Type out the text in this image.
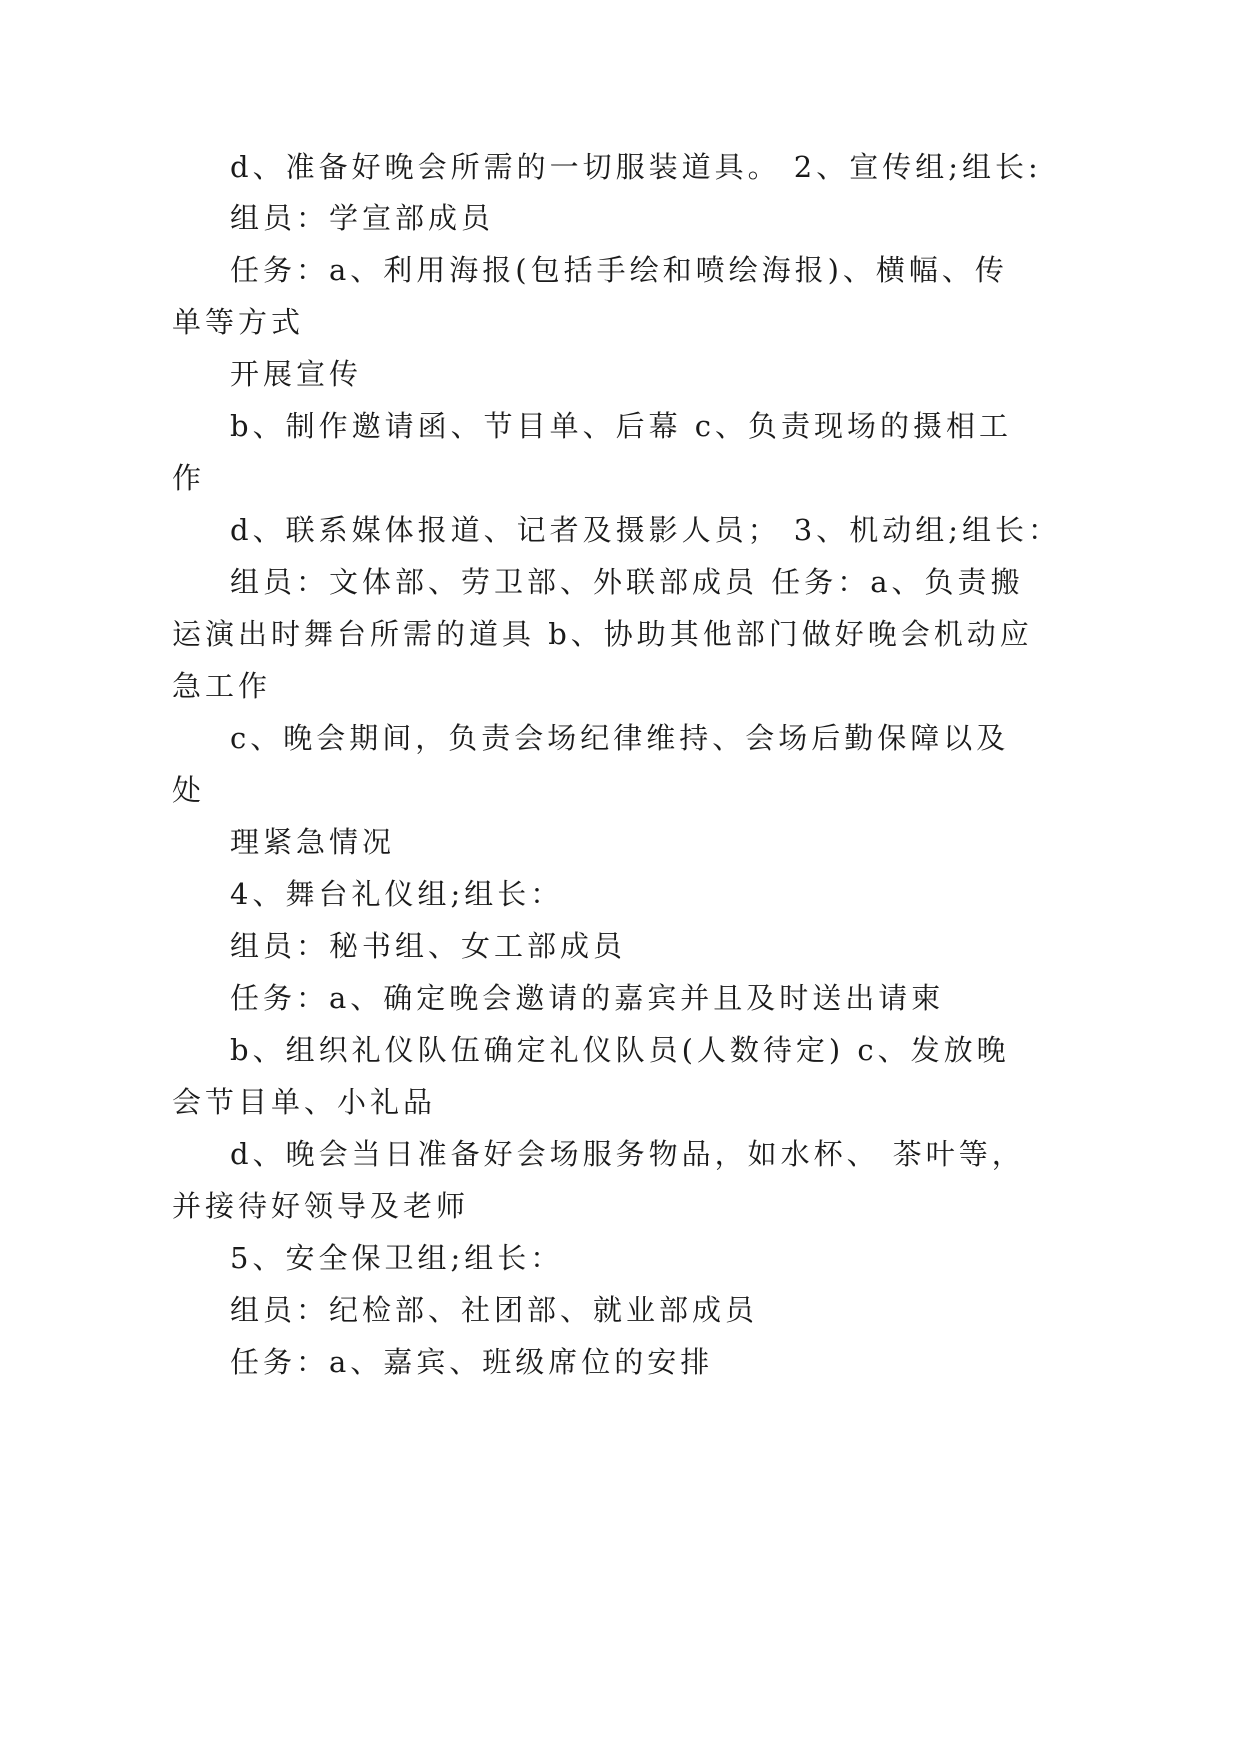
d、准备好晚会所需的一切服装道具。 2、宣传组;组长:
组员：学宣部成员
任务：a、利用海报(包括手绘和喷绘海报)、横幅、传
单等方式
开展宣传
b、制作邀请函、节目单、后幕 c、负责现场的摄相工
作
d、联系媒体报道、记者及摄影人员； 3、机动组;组长：
组员：文体部、劳卫部、外联部成员 任务：a、负责搬
运演出时舞台所需的道具 b、协助其他部门做好晚会机动应
急工作
c、晚会期间，负责会场纪律维持、会场后勤保障以及
处
理紧急情况
4、舞台礼仪组;组长：
组员：秘书组、女工部成员
任务：a、确定晚会邀请的嘉宾并且及时送出请柬
b、组织礼仪队伍确定礼仪队员(人数待定) c、发放晚
会节目单、小礼品
d、晚会当日准备好会场服务物品，如水杯、 茶叶等，
并接待好领导及老师
5、安全保卫组;组长：
组员：纪检部、社团部、就业部成员
任务：a、嘉宾、班级席位的安排
